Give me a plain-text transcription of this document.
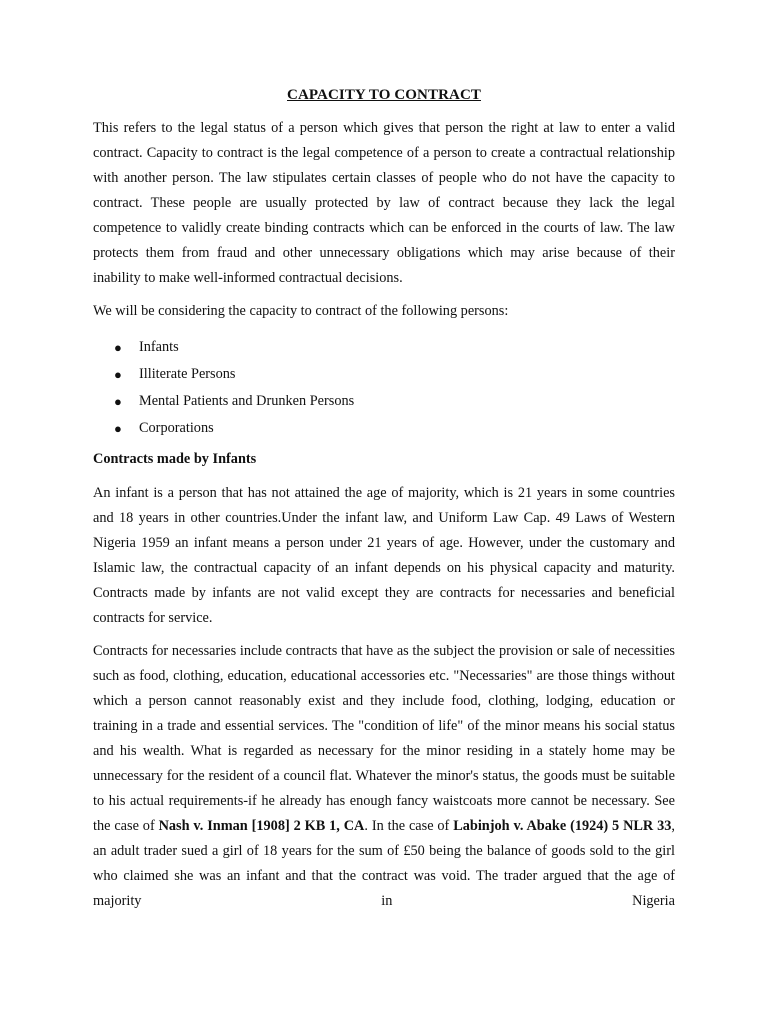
CAPACITY TO CONTRACT

This refers to the legal status of a person which gives that person the right at law to enter a valid contract. Capacity to contract is the legal competence of a person to create a contractual relationship with another person. The law stipulates certain classes of people who do not have the capacity to contract. These people are usually protected by law of contract because they lack the legal competence to validly create binding contracts which can be enforced in the courts of law. The law protects them from fraud and other unnecessary obligations which may arise because of their inability to make well-informed contractual decisions.

We will be considering the capacity to contract of the following persons:

● Infants
● Illiterate Persons
● Mental Patients and Drunken Persons
● Corporations
Contracts made by Infants

An infant is a person that has not attained the age of majority, which is 21 years in some countries and 18 years in other countries.Under the infant law, and Uniform Law Cap. 49 Laws of Western Nigeria 1959 an infant means a person under 21 years of age. However, under the customary and Islamic law, the contractual capacity of an infant depends on his physical capacity and maturity. Contracts made by infants are not valid except they are contracts for necessaries and beneficial contracts for service.

Contracts for necessaries include contracts that have as the subject the provision or sale of necessities such as food, clothing, education, educational accessories etc. "Necessaries" are those things without which a person cannot reasonably exist and they include food, clothing, lodging, education or training in a trade and essential services. The "condition of life" of the minor means his social status and his wealth. What is regarded as necessary for the minor residing in a stately home may be unnecessary for the resident of a council flat. Whatever the minor's status, the goods must be suitable to his actual requirements-if he already has enough fancy waistcoats more cannot be necessary. See the case of Nash v. Inman [1908] 2 KB 1, CA. In the case of Labinjoh v. Abake (1924) 5 NLR 33, an adult trader sued a girl of 18 years for the sum of £50 being the balance of goods sold to the girl who claimed she was an infant and that the contract was void. The trader argued that the age of majority in Nigeria
